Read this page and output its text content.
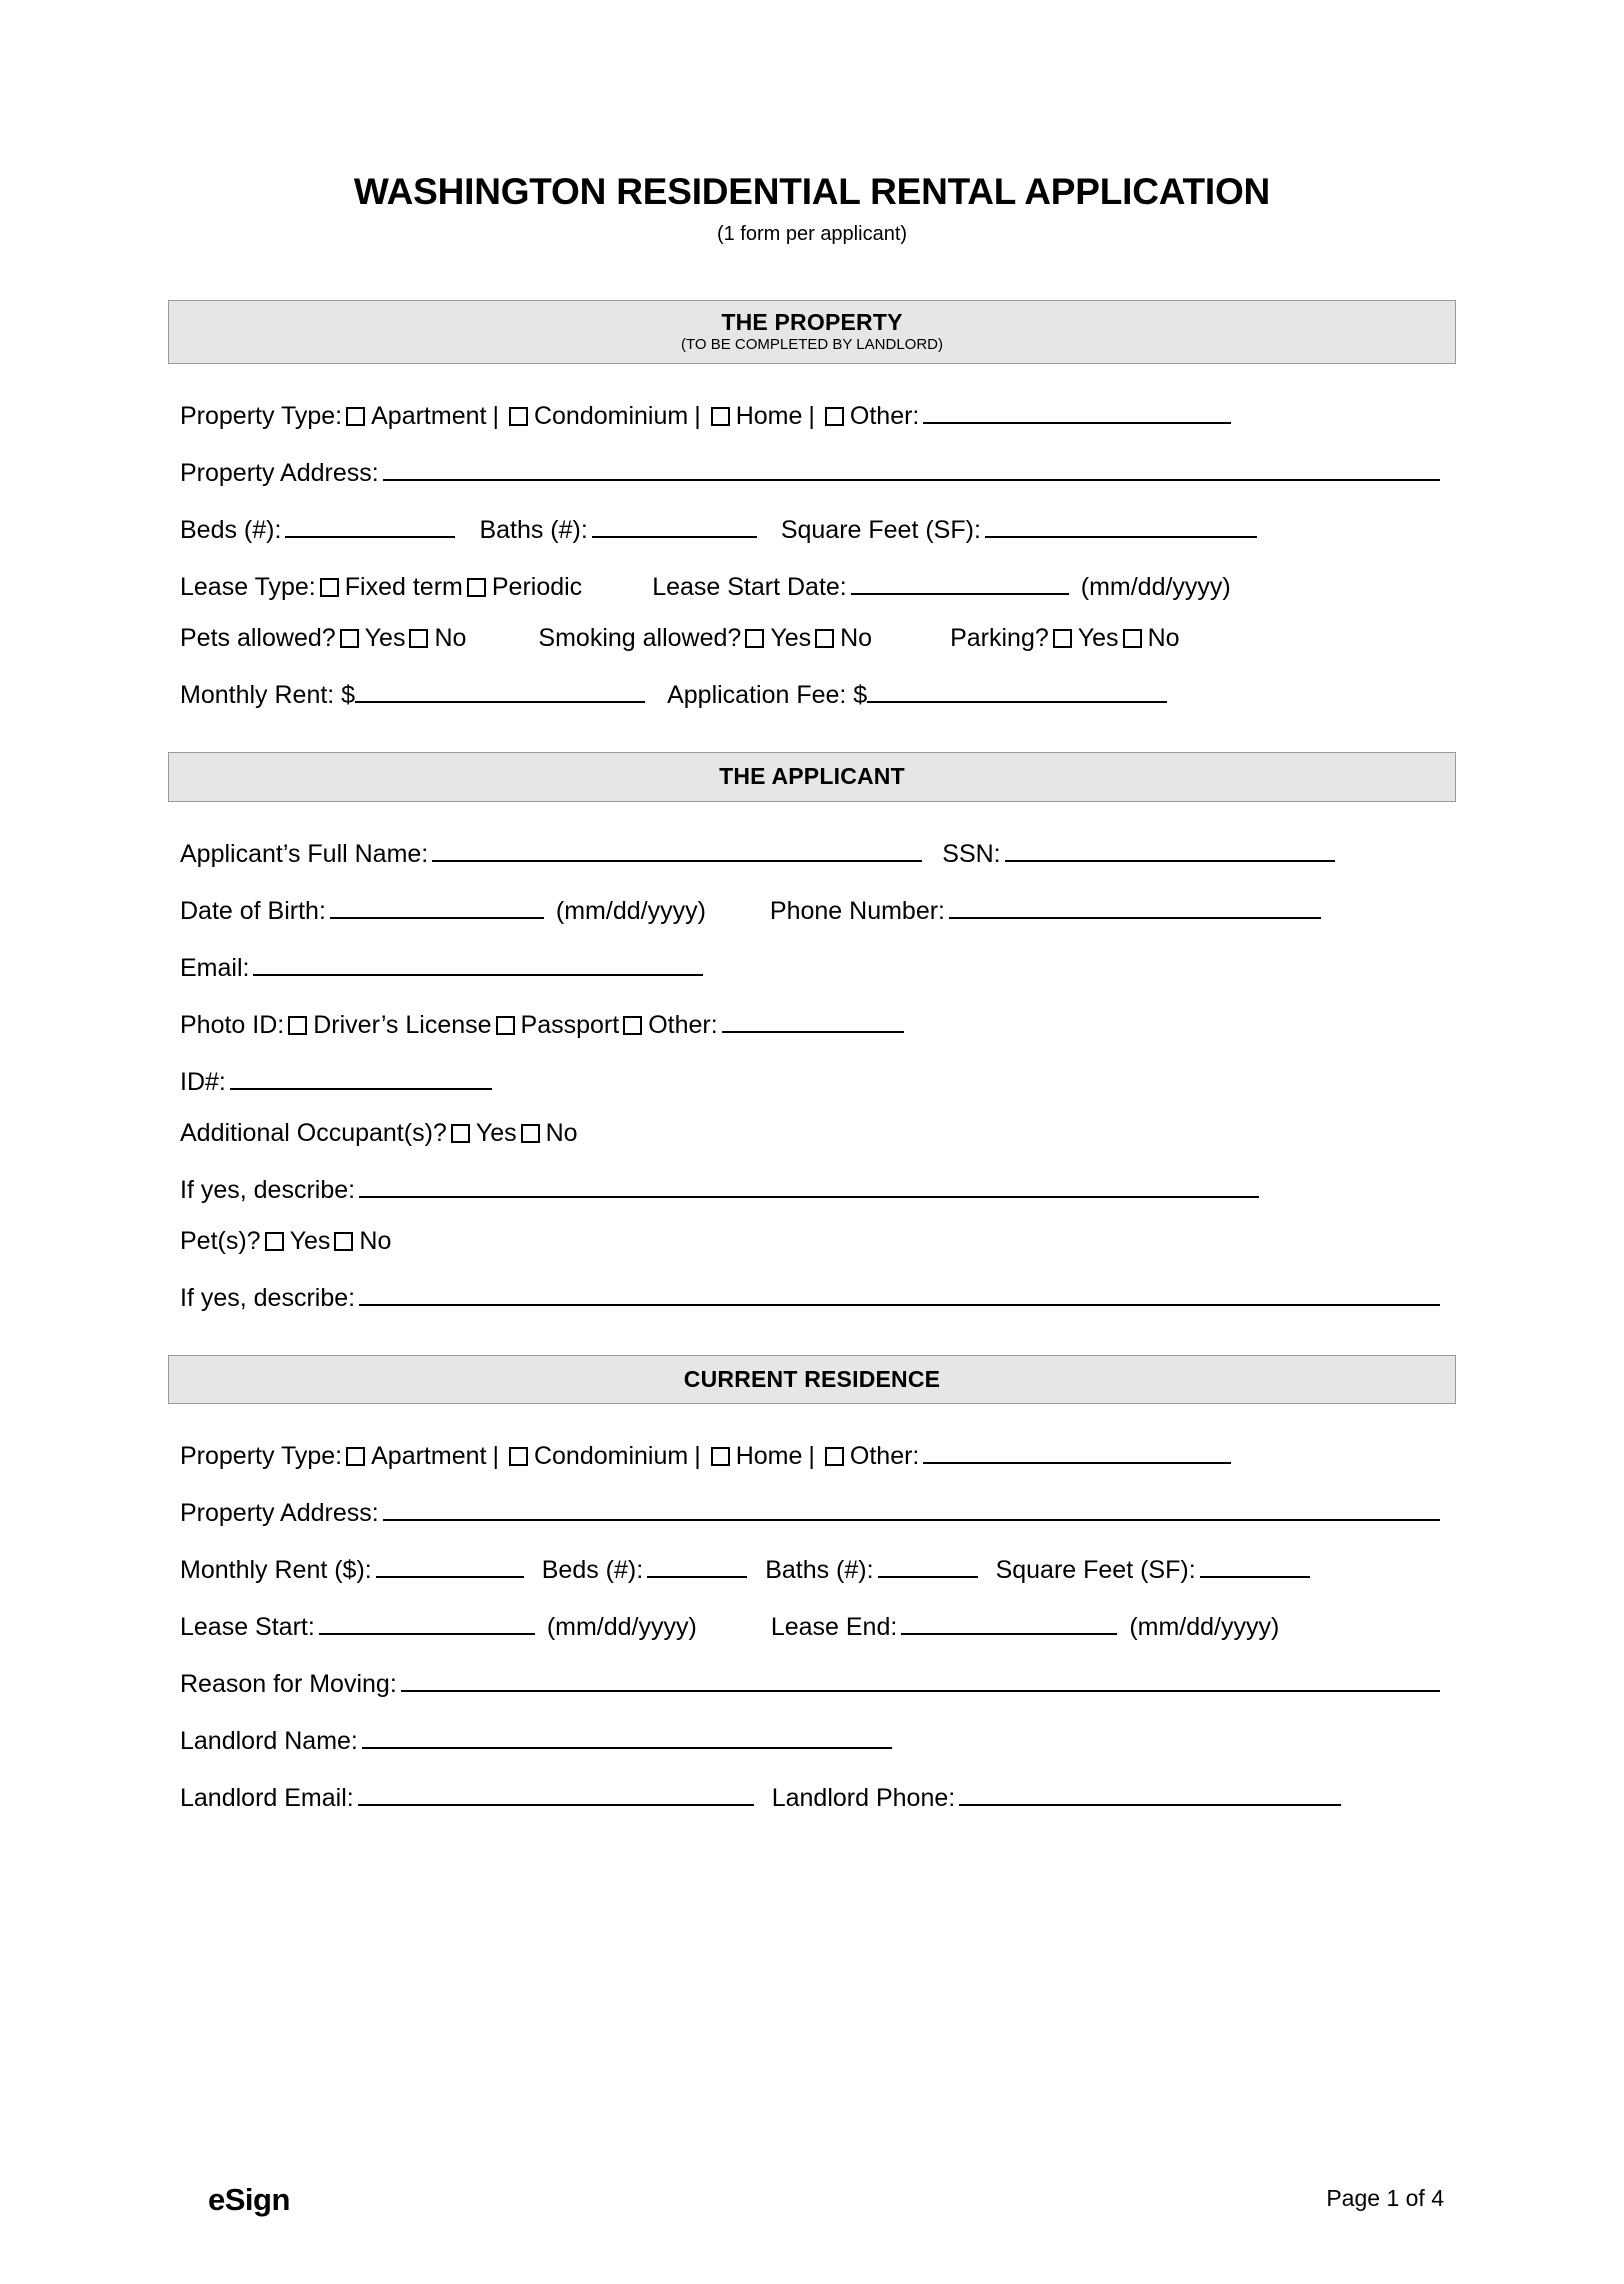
WASHINGTON RESIDENTIAL RENTAL APPLICATION
(1 form per applicant)
THE PROPERTY
(TO BE COMPLETED BY LANDLORD)
Property Type: Apartment | Condominium | Home | Other:
Property Address:
Beds (#):	Baths (#):	Square Feet (SF):
Lease Type: Fixed term Periodic	Lease Start Date:	(mm/dd/yyyy)
Pets allowed? Yes No	Smoking allowed? Yes No	Parking? Yes No
Monthly Rent: $	Application Fee: $
THE APPLICANT
Applicant’s Full Name:	SSN:
Date of Birth:	(mm/dd/yyyy)	Phone Number:
Email:
Photo ID: Driver’s License Passport Other:
ID#:
Additional Occupant(s)? Yes No
If yes, describe:
Pet(s)? Yes No
If yes, describe:
CURRENT RESIDENCE
Property Type: Apartment | Condominium | Home | Other:
Property Address:
Monthly Rent ($):	Beds (#):	Baths (#):	Square Feet (SF):
Lease Start:	(mm/dd/yyyy)	Lease End:	(mm/dd/yyyy)
Reason for Moving:
Landlord Name:
Landlord Email:	Landlord Phone:
eSign	Page 1 of 4
